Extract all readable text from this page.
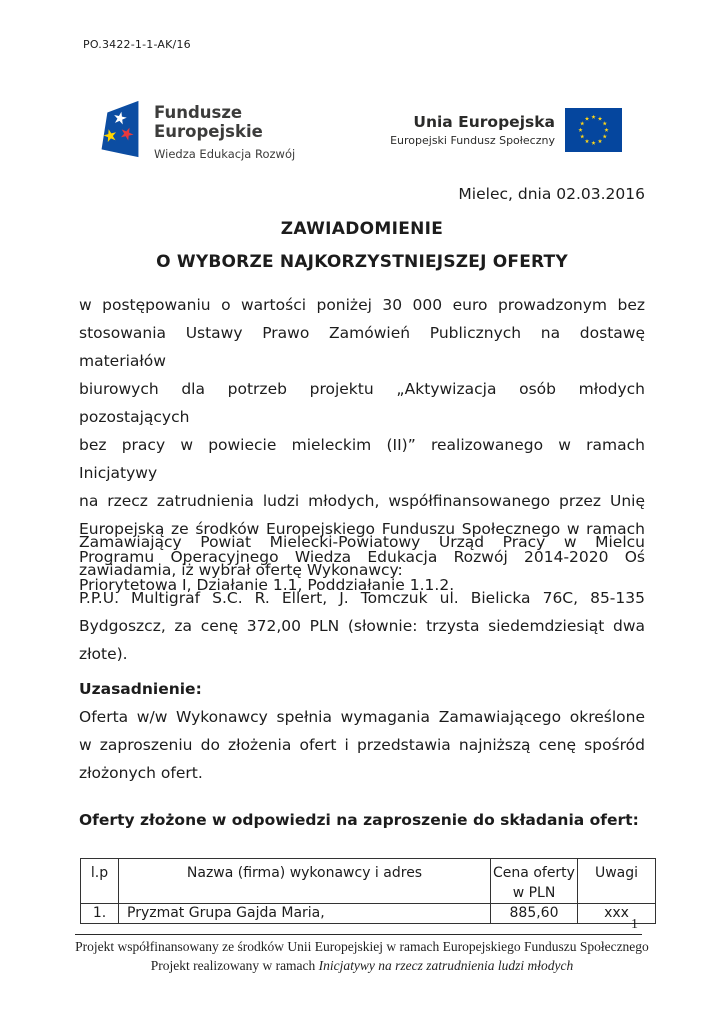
PO.3422-1-1-AK/16
Fundusze
Europejskie
Wiedza Edukacja Rozwój
Unia Europejska
Europejski Fundusz Społeczny
Mielec, dnia 02.03.2016
ZAWIADOMIENIE
O WYBORZE NAJKORZYSTNIEJSZEJ OFERTY
w postępowaniu o wartości poniżej 30 000 euro prowadzonym bez
stosowania Ustawy Prawo Zamówień Publicznych na dostawę materiałów
biurowych dla potrzeb projektu „Aktywizacja osób młodych pozostających
bez pracy w powiecie mieleckim (II)” realizowanego w ramach Inicjatywy
na rzecz zatrudnienia ludzi młodych, współfinansowanego przez Unię
Europejską ze środków Europejskiego Funduszu Społecznego w ramach
Programu Operacyjnego Wiedza Edukacja Rozwój 2014-2020 Oś
Priorytetowa I, Działanie 1.1, Poddziałanie 1.1.2.
Zamawiający Powiat Mielecki-Powiatowy Urząd Pracy w Mielcu
zawiadamia, iż wybrał ofertę Wykonawcy:
P.P.U. Multigraf S.C. R. Ellert, J. Tomczuk ul. Bielicka 76C, 85-135
Bydgoszcz, za cenę 372,00 PLN (słownie: trzysta siedemdziesiąt dwa
złote).
Uzasadnienie:
Oferta w/w Wykonawcy spełnia wymagania Zamawiającego określone
w zaproszeniu do złożenia ofert i przedstawia najniższą cenę spośród
złożonych ofert.
Oferty złożone w odpowiedzi na zaproszenie do składania ofert:
l.p	Nazwa (firma) wykonawcy i adres	Cena oferty
w PLN	Uwagi
1.	Pryzmat Grupa Gajda Maria,	885,60	xxx
1
Projekt współfinansowany ze środków Unii Europejskiej w ramach Europejskiego Funduszu Społecznego
Projekt realizowany w ramach Inicjatywy na rzecz zatrudnienia ludzi młodych
